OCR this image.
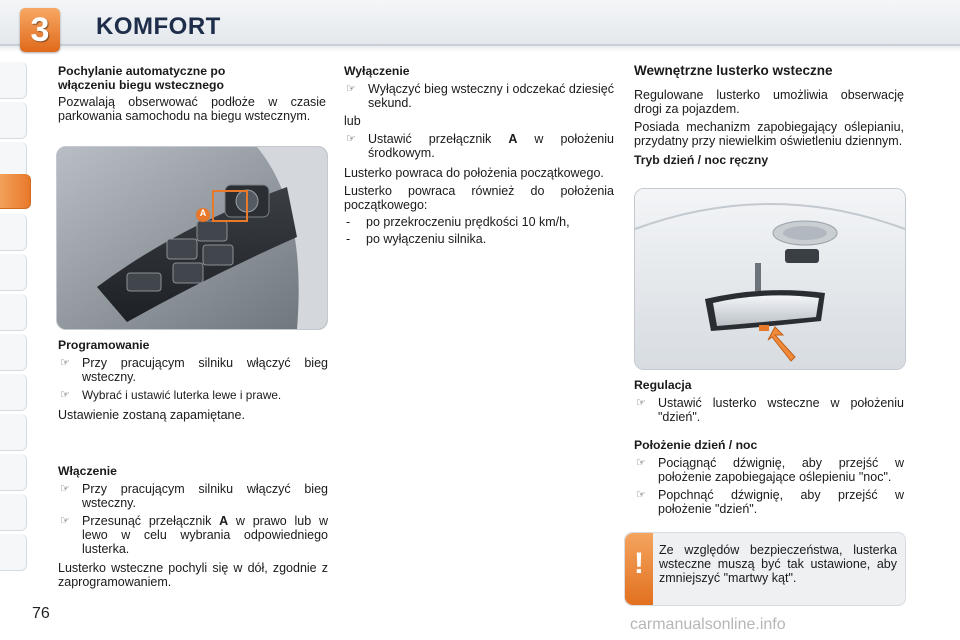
3	KOMFORT
Pochylanie automatyczne po
włączeniu biegu wstecznego

Pozwalają obserwować podłoże w czasie parkowania samochodu na biegu wstecznym.

A
Programowanie
☞ Przy pracującym silniku włączyć bieg wsteczny.
☞ Wybrać i ustawić luterka lewe i prawe.

Ustawienie zostaną zapamiętane.

Włączenie
☞ Przy pracującym silniku włączyć bieg wsteczny.
☞ Przesunąć przełącznik A w prawo lub w lewo w celu wybrania odpowiedniego lusterka.

Lusterko wsteczne pochyli się w dół, zgodnie z zaprogramowaniem.

Wyłączenie
☞ Wyłączyć bieg wsteczny i odczekać dziesięć sekund.

lub

☞ Ustawić przełącznik A w położeniu środkowym.

Lusterko powraca do położenia początkowego.

Lusterko powraca również do położenia początkowego:

- po przekroczeniu prędkości 10 km/h,
- po wyłączeniu silnika.
Wewnętrzne lusterko wsteczne

Regulowane lusterko umożliwia obserwację drogi za pojazdem.

Posiada mechanizm zapobiegający oślepianiu, przydatny przy niewielkim oświetleniu dziennym.

Tryb dzień / noc ręczny
Regulacja
☞ Ustawić lusterko wsteczne w położeniu "dzień".
Położenie dzień / noc
☞ Pociągnąć dźwignię, aby przejść w położenie zapobiegające oślepieniu "noc".
☞ Popchnąć dźwignię, aby przejść w położenie "dzień".
!	Ze względów bezpieczeństwa, lusterka wsteczne muszą być tak ustawione, aby zmniejszyć "martwy kąt".
76
carmanualsonline.info
